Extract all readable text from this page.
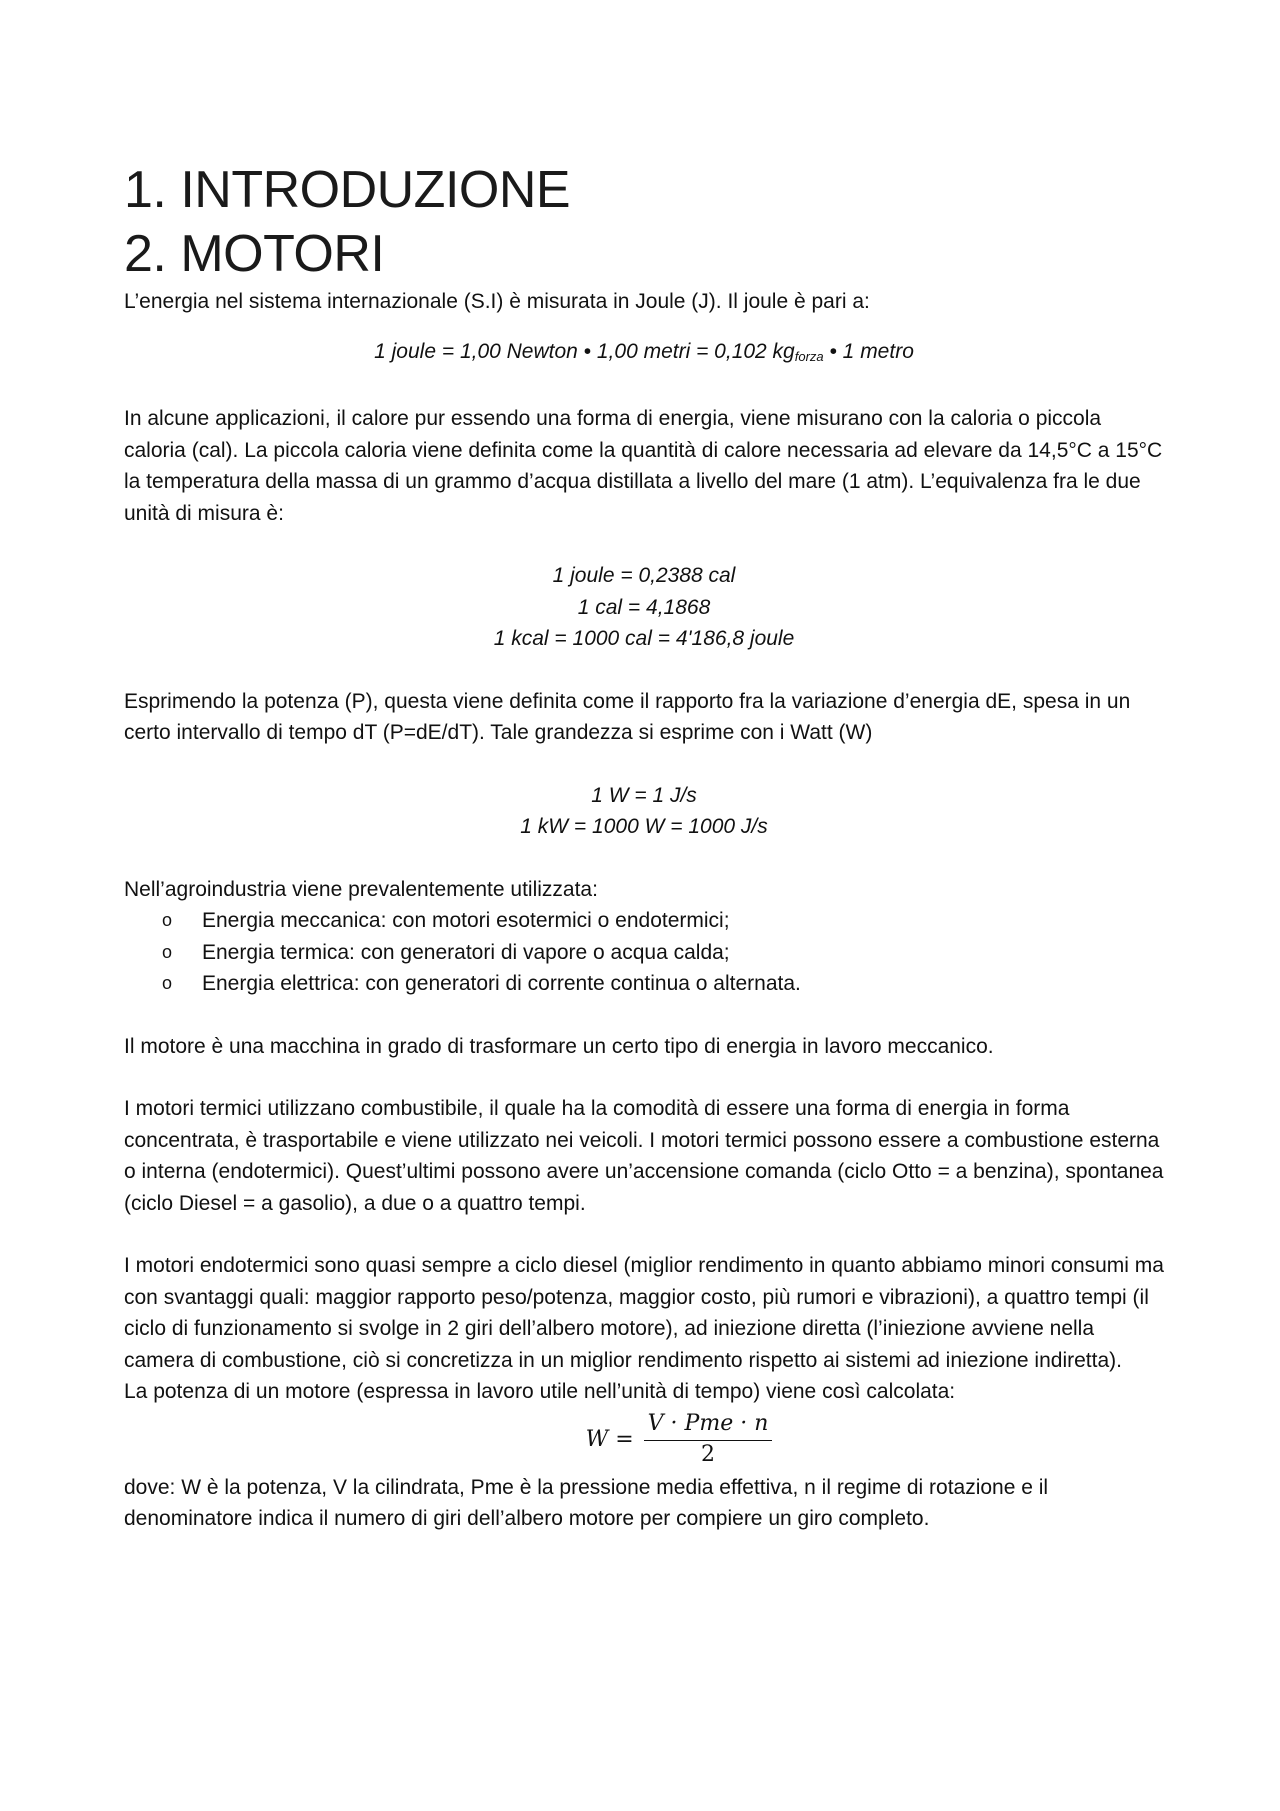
1. INTRODUZIONE
2. MOTORI

L’energia nel sistema internazionale (S.I) è misurata in Joule (J). Il joule è pari a:

1 joule = 1,00 Newton • 1,00 metri = 0,102 $kg_{forza}$ • 1 metro

In alcune applicazioni, il calore pur essendo una forma di energia, viene misurano con la caloria o piccola caloria (cal). La piccola caloria viene definita come la quantità di calore necessaria ad elevare da 14,5°C a 15°C la temperatura della massa di un grammo d’acqua distillata a livello del mare (1 atm). L’equivalenza fra le due unità di misura è:

1 joule = 0,2388 cal

1 cal = 4,1868

1 kcal = 1000 cal = 4'186,8 joule

Esprimendo la potenza (P), questa viene definita come il rapporto fra la variazione d’energia dE, spesa in un certo intervallo di tempo dT (P=dE/dT). Tale grandezza si esprime con i Watt (W)

1 W = 1 J/s

1 kW = 1000 W = 1000 J/s

Nell’agroindustria viene prevalentemente utilizzata:

o Energia meccanica: con motori esotermici o endotermici;
o Energia termica: con generatori di vapore o acqua calda;
o Energia elettrica: con generatori di corrente continua o alternata.

Il motore è una macchina in grado di trasformare un certo tipo di energia in lavoro meccanico.

I motori termici utilizzano combustibile, il quale ha la comodità di essere una forma di energia in forma concentrata, è trasportabile e viene utilizzato nei veicoli. I motori termici possono essere a combustione esterna o interna (endotermici). Quest’ultimi possono avere un’accensione comanda (ciclo Otto = a benzina), spontanea (ciclo Diesel = a gasolio), a due o a quattro tempi.

I motori endotermici sono quasi sempre a ciclo diesel (miglior rendimento in quanto abbiamo minori consumi ma con svantaggi quali: maggior rapporto peso/potenza, maggior costo, più rumori e vibrazioni), a quattro tempi (il ciclo di funzionamento si svolge in 2 giri dell’albero motore), ad iniezione diretta (l’iniezione avviene nella camera di combustione, ciò si concretizza in un miglior rendimento rispetto ai sistemi ad iniezione indiretta).

La potenza di un motore (espressa in lavoro utile nell’unità di tempo) viene così calcolata:

$W = \frac{\text{V · Pme · n}}{2}$

dove: W è la potenza, V la cilindrata, Pme è la pressione media effettiva, n il regime di rotazione e il denominatore indica il numero di giri dell’albero motore per compiere un giro completo.
